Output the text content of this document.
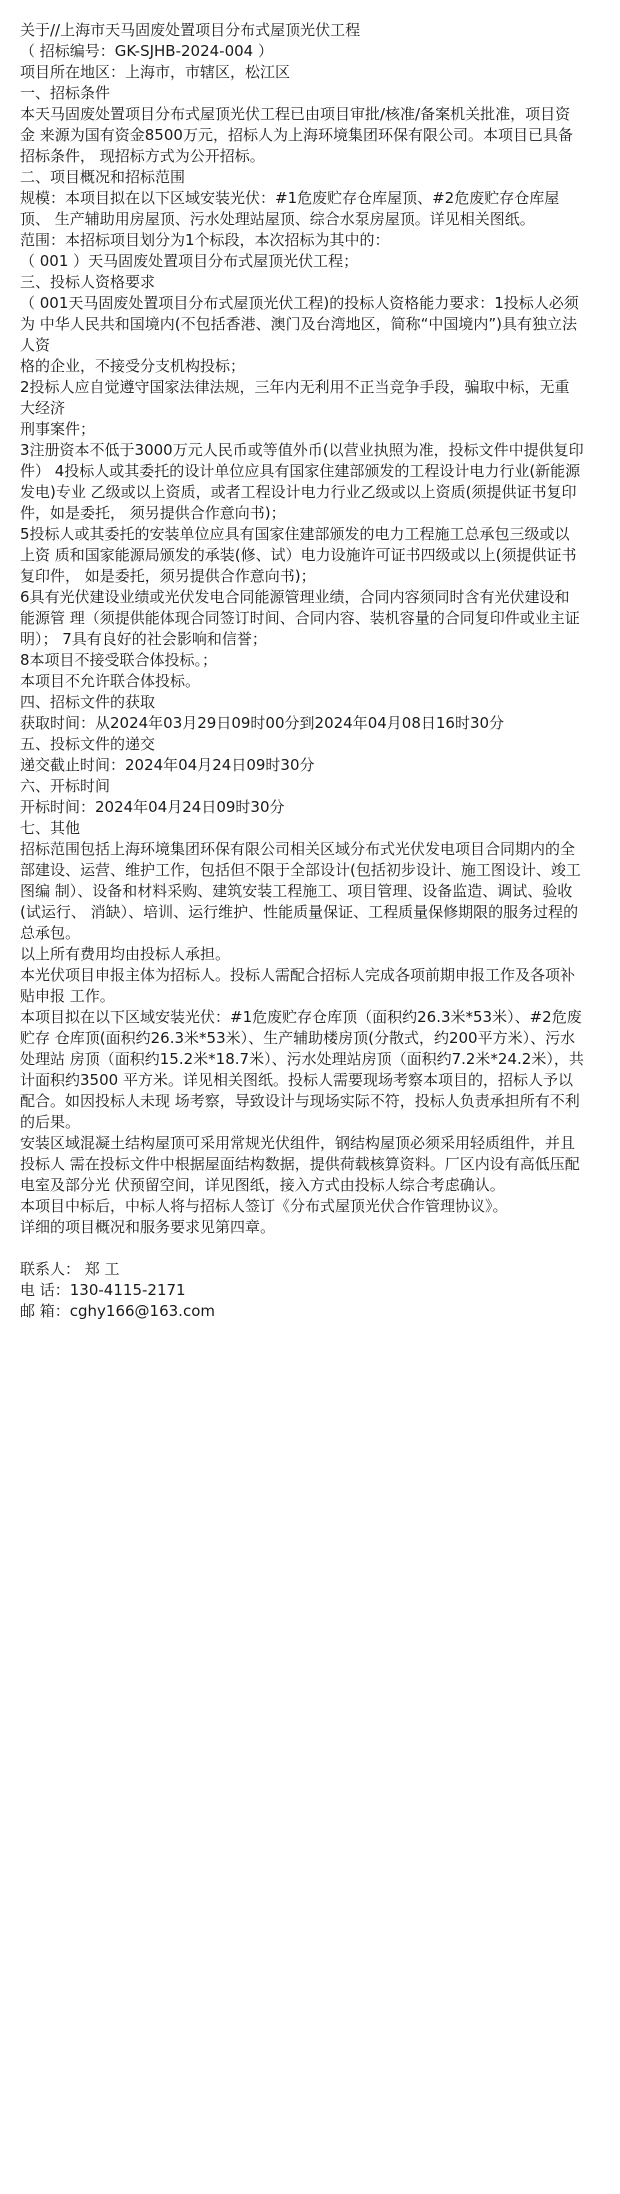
关于//上海市天马固废处置项目分布式屋顶光伏工程
（ 招标编号：GK-SJHB-2024-004 ）
项目所在地区：上海市，市辖区，松江区
一、招标条件
本天马固废处置项目分布式屋顶光伏工程已由项目审批/核准/备案机关批准，项目资金 来源为国有资金8500万元，招标人为上海环境集团环保有限公司。本项目已具备招标条件， 现招标方式为公开招标。
二、项目概况和招标范围
规模：本项目拟在以下区域安装光伏：#1危废贮存仓库屋顶、#2危废贮存仓库屋顶、 生产辅助用房屋顶、污水处理站屋顶、综合水泵房屋顶。详见相关图纸。
范围：本招标项目划分为1个标段，本次招标为其中的：
（ 001 ）天马固废处置项目分布式屋顶光伏工程；
三、投标人资格要求
（ 001天马固废处置项目分布式屋顶光伏工程)的投标人资格能力要求：1投标人必须为 中华人民共和国境内(不包括香港、澳门及台湾地区，简称“中国境内”)具有独立法人资
格的企业，不接受分支机构投标；
2投标人应自觉遵守国家法律法规，三年内无利用不正当竞争手段，骗取中标，无重大经济
刑事案件；
3注册资本不低于3000万元人民币或等值外币(以营业执照为准，投标文件中提供复印件） 4投标人或其委托的设计单位应具有国家住建部颁发的工程设计电力行业(新能源发电)专业 乙级或以上资质，或者工程设计电力行业乙级或以上资质(须提供证书复印件，如是委托， 须另提供合作意向书)；
5投标人或其委托的安装单位应具有国家住建部颁发的电力工程施工总承包三级或以上资 质和国家能源局颁发的承装(修、试）电力设施许可证书四级或以上(须提供证书复印件， 如是委托，须另提供合作意向书)；
6具有光伏建设业绩或光伏发电合同能源管理业绩，合同内容须同时含有光伏建设和能源管 理（须提供能体现合同签订时间、合同内容、装机容量的合同复印件或业主证明）； 7具有良好的社会影响和信誉；
8本项目不接受联合体投标。；
本项目不允许联合体投标。
四、招标文件的获取
获取时间：从2024年03月29日09时00分到2024年04月08日16时30分
五、投标文件的递交
递交截止时间：2024年04月24日09时30分
六、开标时间
开标时间：2024年04月24日09时30分
七、其他
招标范围包括上海环境集团环保有限公司相关区域分布式光伏发电项目合同期内的全 部建设、运营、维护工作，包括但不限于全部设计(包括初步设计、施工图设计、竣工图编 制）、设备和材料采购、建筑安装工程施工、项目管理、设备监造、调试、验收(试运行、 消缺）、培训、运行维护、性能质量保证、工程质量保修期限的服务过程的总承包。
以上所有费用均由投标人承担。
本光伏项目申报主体为招标人。投标人需配合招标人完成各项前期申报工作及各项补贴申报 工作。
本项目拟在以下区域安装光伏：#1危废贮存仓库顶（面积约26.3米*53米）、#2危废贮存 仓库顶(面积约26.3米*53米）、生产辅助楼房顶(分散式，约200平方米）、污水处理站 房顶（面积约15.2米*18.7米）、污水处理站房顶（面积约7.2米*24.2米），共计面积约3500 平方米。详见相关图纸。投标人需要现场考察本项目的，招标人予以配合。如因投标人未现 场考察，导致设计与现场实际不符，投标人负责承担所有不利的后果。
安装区域混凝土结构屋顶可采用常规光伏组件，钢结构屋顶必须采用轻质组件，并且投标人 需在投标文件中根据屋面结构数据，提供荷载核算资料。厂区内设有高低压配电室及部分光 伏预留空间，详见图纸，接入方式由投标人综合考虑确认。
本项目中标后，中标人将与招标人签订《分布式屋顶光伏合作管理协议》。
详细的项目概况和服务要求见第四章。
联系人： 郑 工
电 话：130-4115-2171
邮 箱：cghy166@163.com
